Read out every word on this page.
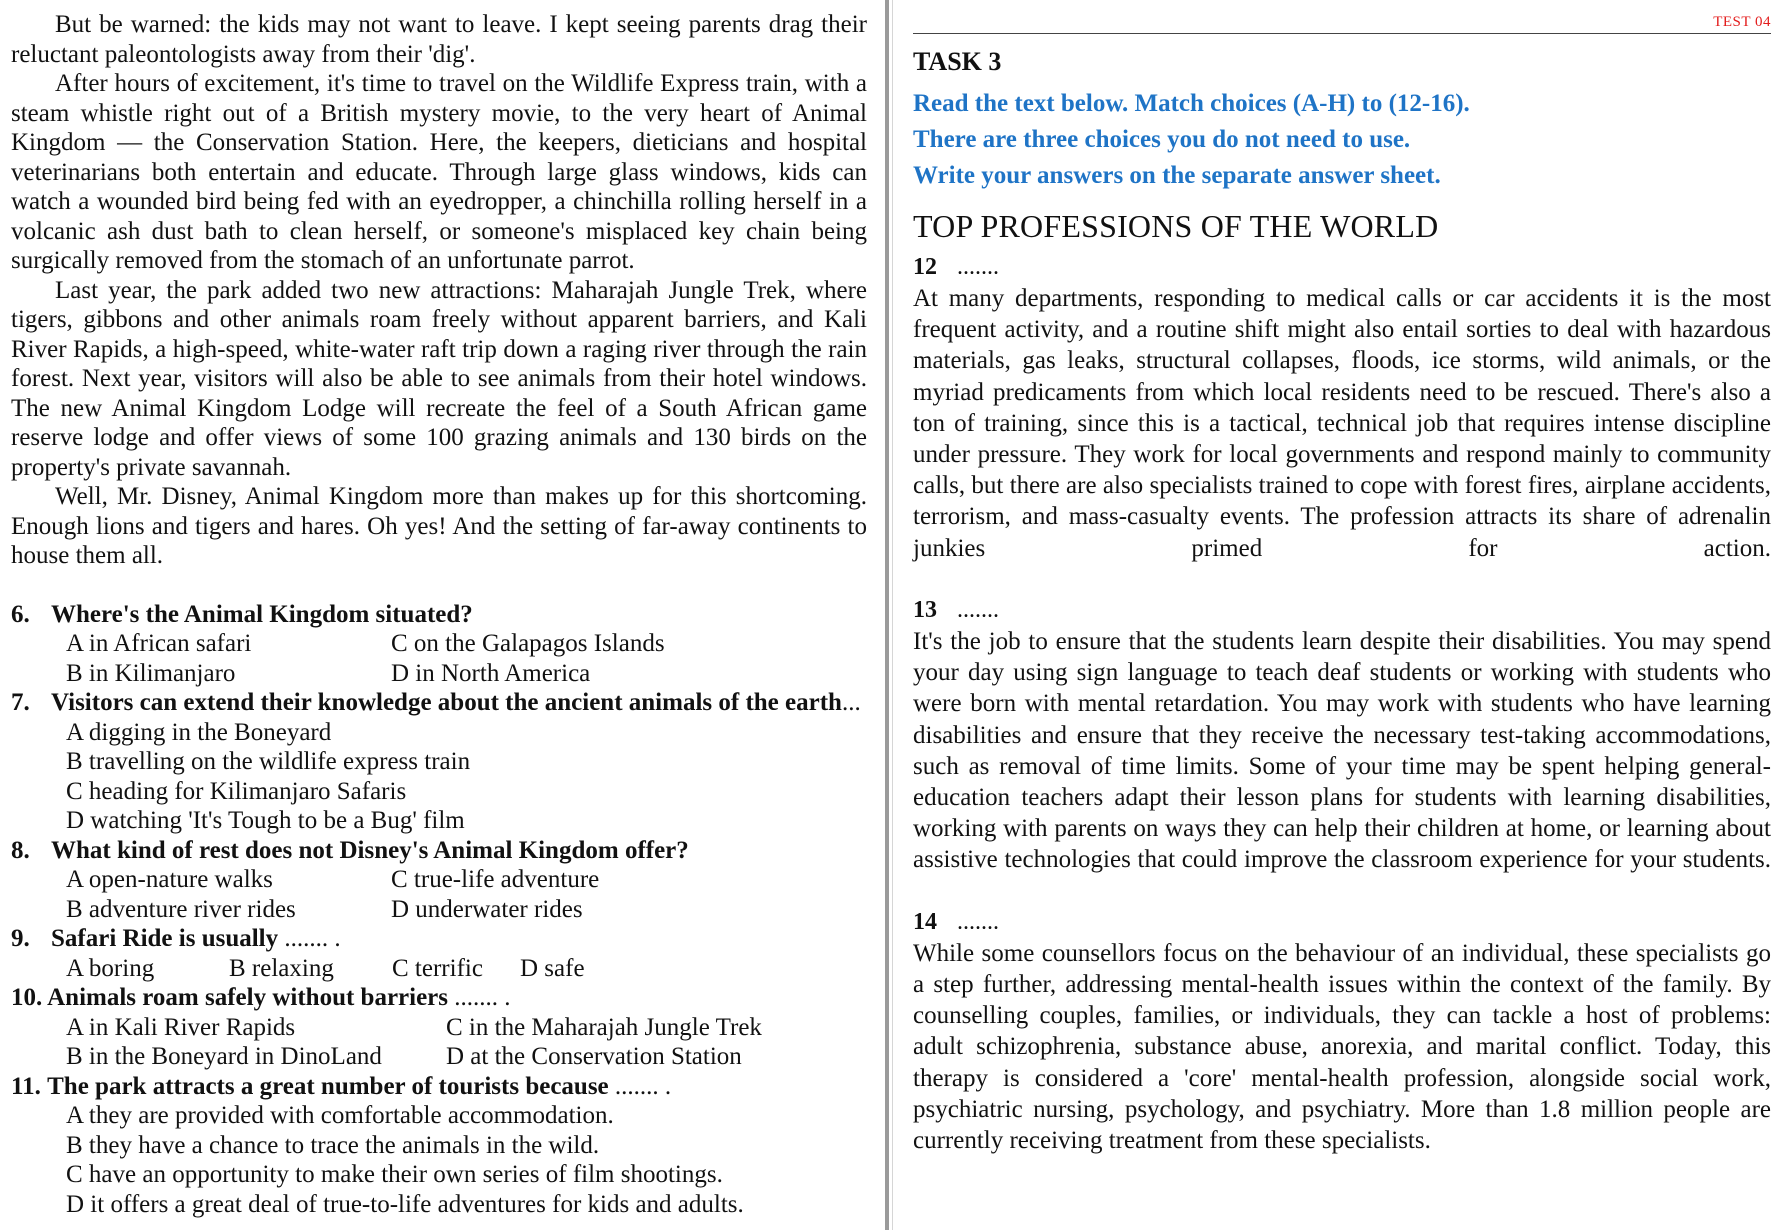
But be warned: the kids may not want to leave. I kept seeing parents drag their reluctant paleontologists away from their 'dig'.

After hours of excitement, it's time to travel on the Wildlife Express train, with a steam whistle right out of a British mystery movie, to the very heart of Animal Kingdom — the Conservation Station. Here, the keepers, dieticians and hospital veterinarians both entertain and educate. Through large glass windows, kids can watch a wounded bird being fed with an eyedropper, a chinchilla rolling herself in a volcanic ash dust bath to clean herself, or someone's misplaced key chain being surgically removed from the stomach of an unfortunate parrot.

Last year, the park added two new attractions: Maharajah Jungle Trek, where tigers, gibbons and other animals roam freely without apparent barriers, and Kali River Rapids, a high-speed, white-water raft trip down a raging river through the rain forest. Next year, visitors will also be able to see animals from their hotel windows. The new Animal Kingdom Lodge will recreate the feel of a South African game reserve lodge and offer views of some 100 grazing animals and 130 birds on the property's private savannah.

Well, Mr. Disney, Animal Kingdom more than makes up for this shortcoming. Enough lions and tigers and hares. Oh yes! And the setting of far-away continents to house them all.

6. Where's the Animal Kingdom situated?

A in African safari	C on the Galapagos Islands
B in Kilimanjaro	D in North America

7. Visitors can extend their knowledge about the ancient animals of the earth...

A digging in the Boneyard
B travelling on the wildlife express train
C heading for Kilimanjaro Safaris
D watching 'It's Tough to be a Bug' film

8. What kind of rest does not Disney's Animal Kingdom offer?

A open-nature walks	C true-life adventure
B adventure river rides	D underwater rides

9. Safari Ride is usually ....... .

A boring	B relaxing	C terrific	D safe

10. Animals roam safely without barriers ....... .

A in Kali River Rapids	C in the Maharajah Jungle Trek
B in the Boneyard in DinoLand	D at the Conservation Station

11. The park attracts a great number of tourists because ....... .

A they are provided with comfortable accommodation.
B they have a chance to trace the animals in the wild.
C have an opportunity to make their own series of film shootings.
D it offers a great deal of true-to-life adventures for kids and adults.
TEST 04
TASK 3
Read the text below. Match choices (A-H) to (12-16).
There are three choices you do not need to use.
Write your answers on the separate answer sheet.
TOP PROFESSIONS OF THE WORLD

12 .......

At many departments, responding to medical calls or car accidents it is the most frequent activity, and a routine shift might also entail sorties to deal with hazardous materials, gas leaks, structural collapses, floods, ice storms, wild animals, or the myriad predicaments from which local residents need to be rescued. There's also a ton of training, since this is a tactical, technical job that requires intense discipline under pressure. They work for local governments and respond mainly to community calls, but there are also specialists trained to cope with forest fires, airplane accidents, terrorism, and mass-casualty events. The profession attracts its share of adrenalin junkies primed for action.

13 .......

It's the job to ensure that the students learn despite their disabilities. You may spend your day using sign language to teach deaf students or working with students who were born with mental retardation. You may work with students who have learning disabilities and ensure that they receive the necessary test-taking accommodations, such as removal of time limits. Some of your time may be spent helping general-education teachers adapt their lesson plans for students with learning disabilities, working with parents on ways they can help their children at home, or learning about assistive technologies that could improve the classroom experience for your students.

14 .......

While some counsellors focus on the behaviour of an individual, these specialists go a step further, addressing mental-health issues within the context of the family. By counselling couples, families, or individuals, they can tackle a host of problems: adult schizophrenia, substance abuse, anorexia, and marital conflict. Today, this therapy is considered a 'core' mental-health profession, alongside social work, psychiatric nursing, psychology, and psychiatry. More than 1.8 million people are currently receiving treatment from these specialists.
